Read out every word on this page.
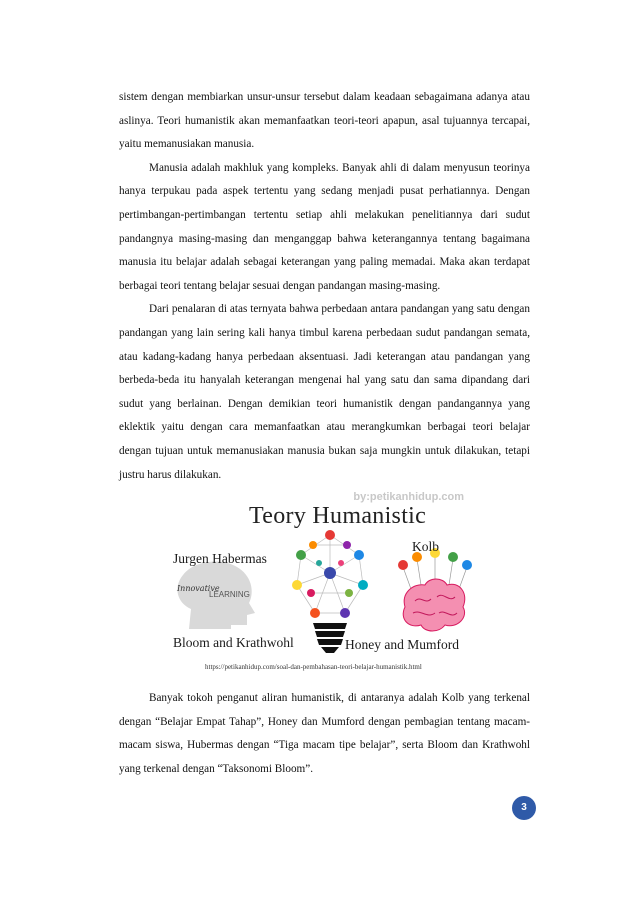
sistem dengan membiarkan unsur-unsur tersebut dalam keadaan sebagaimana adanya atau aslinya. Teori humanistik akan memanfaatkan teori-teori apapun, asal tujuannya tercapai, yaitu memanusiakan manusia.

Manusia adalah makhluk yang kompleks. Banyak ahli di dalam menyusun teorinya hanya terpukau pada aspek tertentu yang sedang menjadi pusat perhatiannya. Dengan pertimbangan-pertimbangan tertentu setiap ahli melakukan penelitiannya dari sudut pandangnya masing-masing dan menganggap bahwa keterangannya tentang bagaimana manusia itu belajar adalah sebagai keterangan yang paling memadai. Maka akan terdapat berbagai teori tentang belajar sesuai dengan pandangan masing-masing.

Dari penalaran di atas ternyata bahwa perbedaan antara pandangan yang satu dengan pandangan yang lain sering kali hanya timbul karena perbedaan sudut pandangan semata, atau kadang-kadang hanya perbedaan aksentuasi. Jadi keterangan atau pandangan yang berbeda-beda itu hanyalah keterangan mengenai hal yang satu dan sama dipandang dari sudut yang berlainan. Dengan demikian teori humanistik dengan pandangannya yang eklektik yaitu dengan cara memanfaatkan atau merangkumkan berbagai teori belajar dengan tujuan untuk memanusiakan manusia bukan saja mungkin untuk dilakukan, tetapi justru harus dilakukan.

by:petikanhidup.com
Teory Humanistic
Innovative
LEARNING
Jurgen Habermas
Kolb
Bloom and Krathwohl	Honey and Mumford
https://petikanhidup.com/soal-dan-pembahasan-teori-belajar-humanistik.html

Banyak tokoh penganut aliran humanistik, di antaranya adalah Kolb yang terkenal dengan “Belajar Empat Tahap”, Honey dan Mumford dengan pembagian tentang macam-macam siswa, Hubermas dengan “Tiga macam tipe belajar”, serta Bloom dan Krathwohl yang terkenal dengan “Taksonomi Bloom”.

3
